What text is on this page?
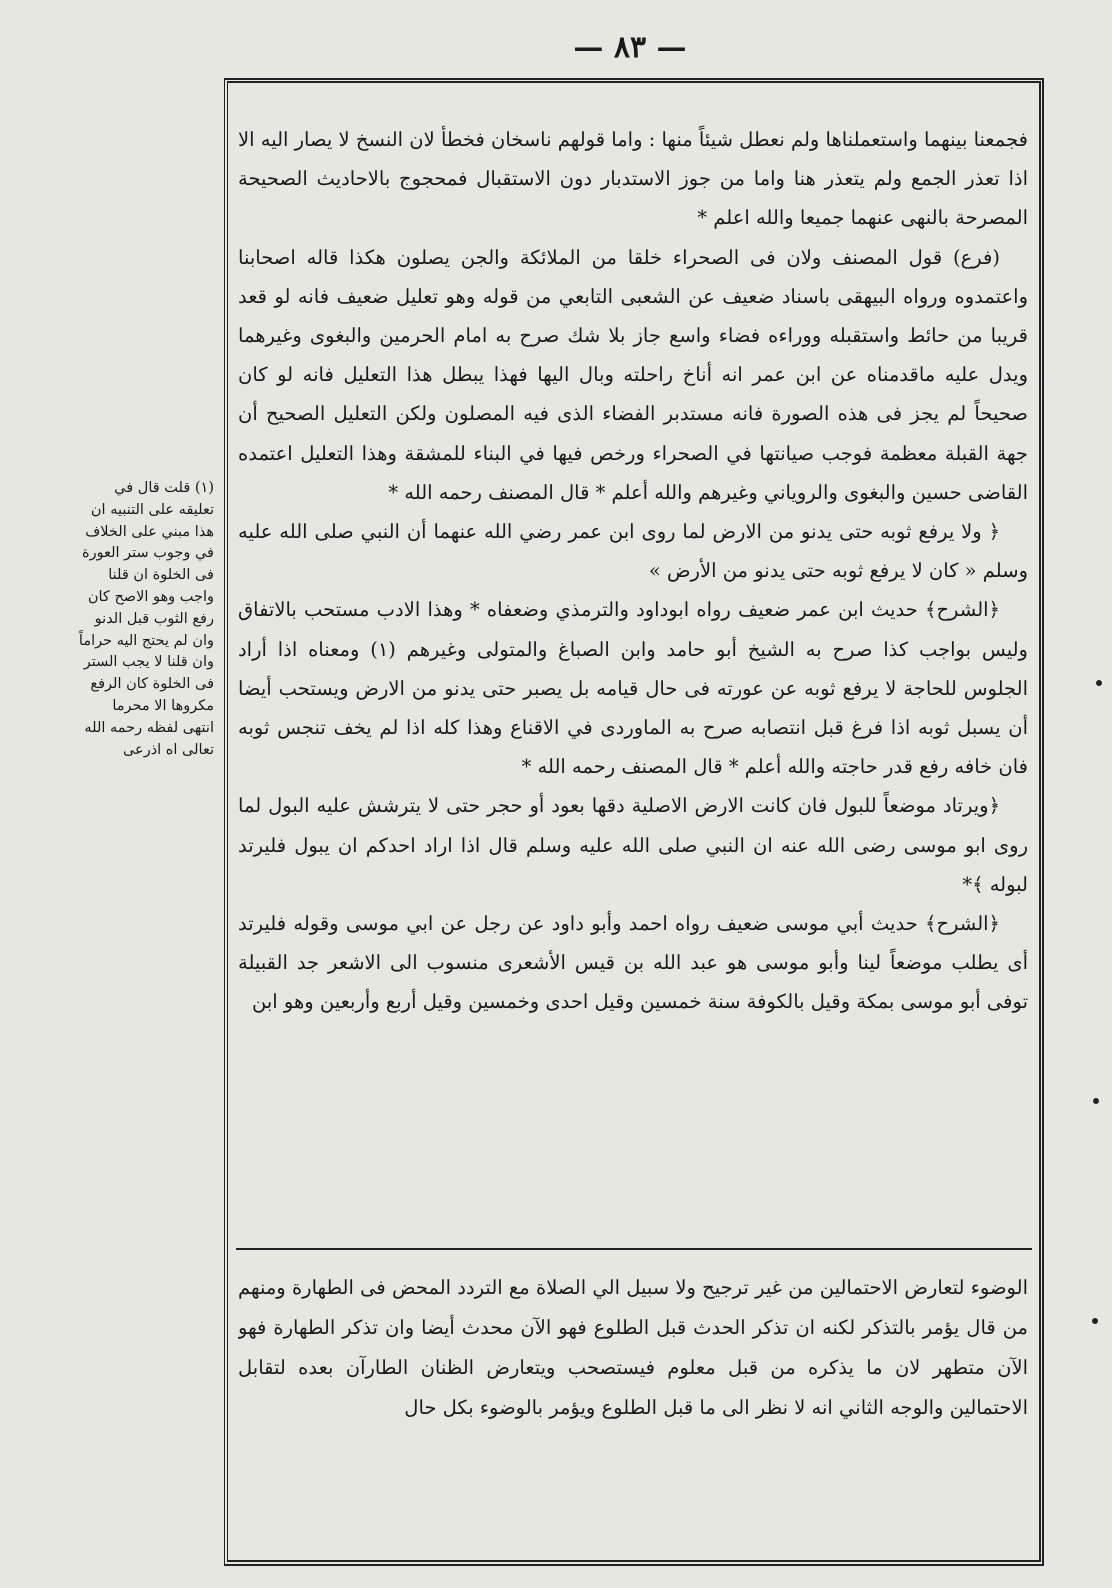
— ٨٣ —

فجمعنا بينهما واستعملناها ولم نعطل شيئاً منها : واما قولهم ناسخان فخطأ لان النسخ لا يصار اليه الا اذا تعذر الجمع ولم يتعذر هنا واما من جوز الاستدبار دون الاستقبال فمحجوج بالاحاديث الصحيحة المصرحة بالنهى عنهما جميعا والله اعلم *

(فرع) قول المصنف ولان فى الصحراء خلقا من الملائكة والجن يصلون هكذا قاله اصحابنا واعتمدوه ورواه البيهقى باسناد ضعيف عن الشعبى التابعي من قوله وهو تعليل ضعيف فانه لو قعد قريبا من حائط واستقبله ووراءه فضاء واسع جاز بلا شك صرح به امام الحرمين والبغوى وغيرهما ويدل عليه ماقدمناه عن ابن عمر انه أناخ راحلته وبال اليها فهذا يبطل هذا التعليل فانه لو كان صحيحاً لم يجز فى هذه الصورة فانه مستدبر الفضاء الذى فيه المصلون ولكن التعليل الصحيح أن جهة القبلة معظمة فوجب صيانتها في الصحراء ورخص فيها في البناء للمشقة وهذا التعليل اعتمده القاضى حسين والبغوى والروياني وغيرهم والله أعلم * قال المصنف رحمه الله *

﴿ ولا يرفع ثوبه حتى يدنو من الارض لما روى ابن عمر رضي الله عنهما أن النبي صلى الله عليه وسلم « كان لا يرفع ثوبه حتى يدنو من الأرض »

﴿الشرح﴾ حديث ابن عمر ضعيف رواه ابوداود والترمذي وضعفاه * وهذا الادب مستحب بالاتفاق وليس بواجب كذا صرح به الشيخ أبو حامد وابن الصباغ والمتولى وغيرهم (١) ومعناه اذا أراد الجلوس للحاجة لا يرفع ثوبه عن عورته فى حال قيامه بل يصبر حتى يدنو من الارض ويستحب أيضا أن يسبل ثوبه اذا فرغ قبل انتصابه صرح به الماوردى في الاقناع وهذا كله اذا لم يخف تنجس ثوبه فان خافه رفع قدر حاجته والله أعلم * قال المصنف رحمه الله *

﴿ويرتاد موضعاً للبول فان كانت الارض الاصلية دقها بعود أو حجر حتى لا يترشش عليه البول لما روى ابو موسى رضى الله عنه ان النبي صلى الله عليه وسلم قال اذا اراد احدكم ان يبول فليرتد لبوله ﴾*

﴿الشرح﴾ حديث أبي موسى ضعيف رواه احمد وأبو داود عن رجل عن ابي موسى وقوله فليرتد أى يطلب موضعاً لينا وأبو موسى هو عبد الله بن قيس الأشعرى منسوب الى الاشعر جد القبيلة توفى أبو موسى بمكة وقيل بالكوفة سنة خمسين وقيل احدى وخمسين وقيل أربع وأربعين وهو ابن

الوضوء لتعارض الاحتمالين من غير ترجيح ولا سبيل الي الصلاة مع التردد المحض فى الطهارة ومنهم من قال يؤمر بالتذكر لكنه ان تذكر الحدث قبل الطلوع فهو الآن محدث أيضا وان تذكر الطهارة فهو الآن متطهر لان ما يذكره من قبل معلوم فيستصحب ويتعارض الظنان الطارآن بعده لتقابل الاحتمالين والوجه الثاني انه لا نظر الى ما قبل الطلوع ويؤمر بالوضوء بكل حال
(١) قلت قال في تعليقه على التنبيه ان هذا مبني على الخلاف في وجوب ستر العورة فى الخلوة ان قلنا واجب وهو الاصح كان رفع الثوب قبل الدنو وان لم يحتج اليه حراماً وان قلنا لا يجب الستر فى الخلوة كان الرفع مكروها الا محرما انتهى لفظه رحمه الله تعالى اه اذرعى
